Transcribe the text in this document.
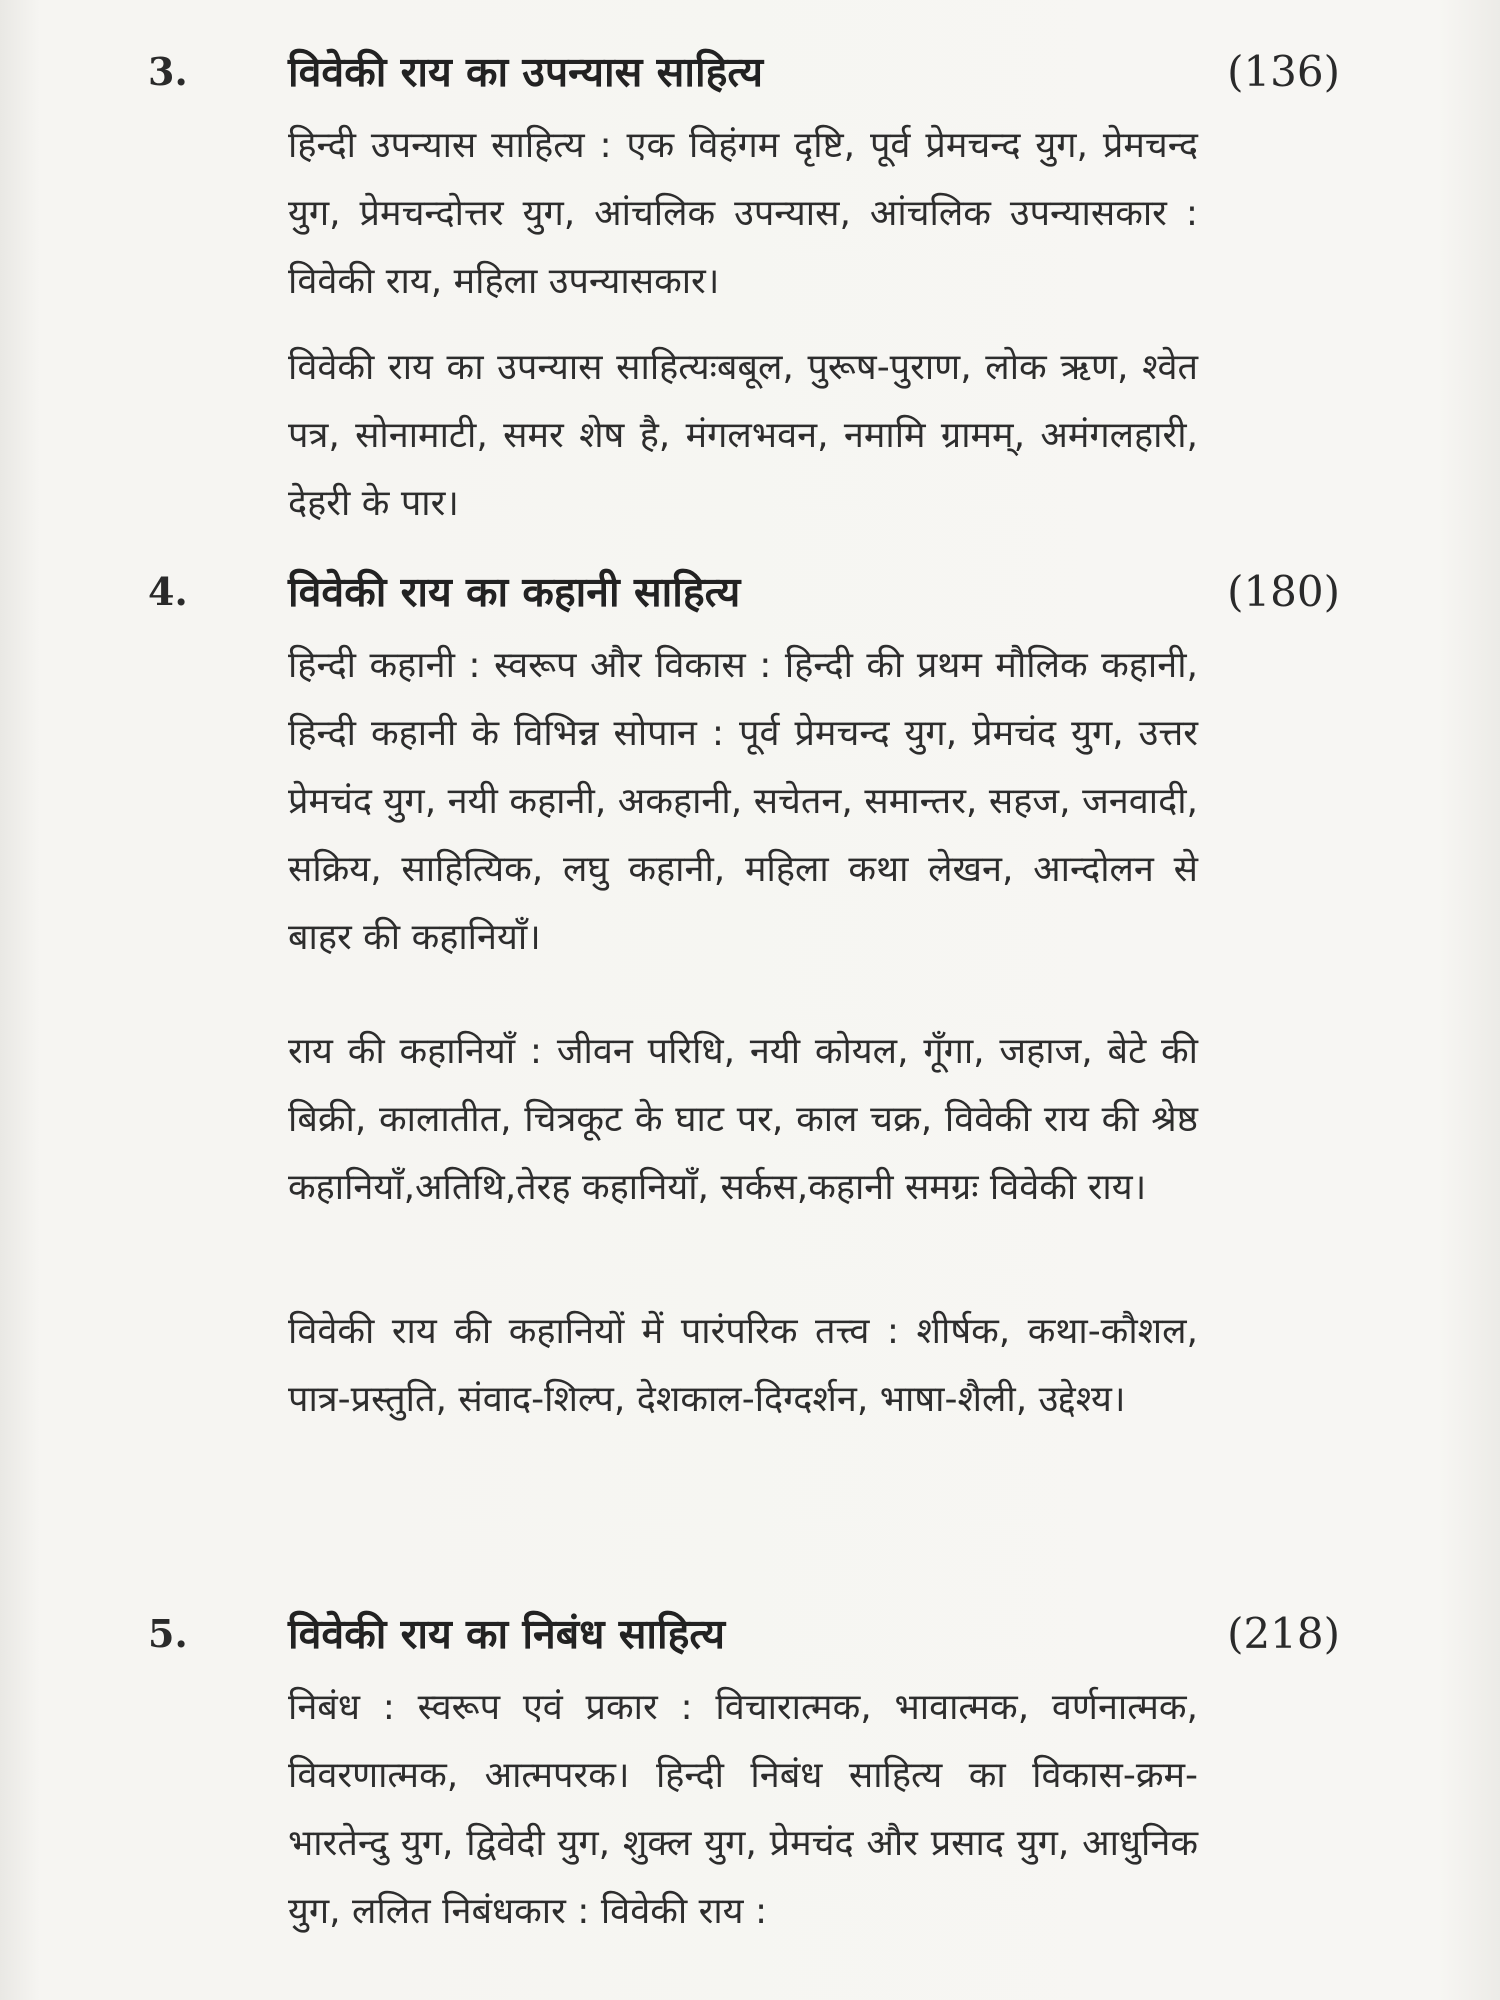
3. विवेकी राय का उपन्यास साहित्य	(136)

हिन्दी उपन्यास साहित्य : एक विहंगम दृष्टि, पूर्व प्रेमचन्द युग, प्रेमचन्द युग, प्रेमचन्दोत्तर युग, आंचलिक उपन्यास, आंचलिक उपन्यासकार : विवेकी राय, महिला उपन्यासकार।

विवेकी राय का उपन्यास साहित्यःबबूल, पुरूष-पुराण, लोक ऋण, श्वेत पत्र, सोनामाटी, समर शेष है, मंगलभवन, नमामि ग्रामम्, अमंगलहारी, देहरी के पार।

4. विवेकी राय का कहानी साहित्य	(180)

हिन्दी कहानी : स्वरूप और विकास : हिन्दी की प्रथम मौलिक कहानी, हिन्दी कहानी के विभिन्न सोपान : पूर्व प्रेमचन्द युग, प्रेमचंद युग, उत्तर प्रेमचंद युग, नयी कहानी, अकहानी, सचेतन, समान्तर, सहज, जनवादी, सक्रिय, साहित्यिक, लघु कहानी, महिला कथा लेखन, आन्दोलन से बाहर की कहानियाँ।

राय की कहानियाँ : जीवन परिधि, नयी कोयल, गूँगा, जहाज, बेटे की बिक्री, कालातीत, चित्रकूट के घाट पर, काल चक्र, विवेकी राय की श्रेष्ठ कहानियाँ,अतिथि,तेरह कहानियाँ, सर्कस,कहानी समग्रः विवेकी राय।

विवेकी राय की कहानियों में पारंपरिक तत्त्व : शीर्षक, कथा-कौशल, पात्र-प्रस्तुति, संवाद-शिल्प, देशकाल-दिग्दर्शन, भाषा-शैली, उद्देश्य।

5. विवेकी राय का निबंध साहित्य	(218)

निबंध : स्वरूप एवं प्रकार : विचारात्मक, भावात्मक, वर्णनात्मक, विवरणात्मक, आत्मपरक। हिन्दी निबंध साहित्य का विकास-क्रम-भारतेन्दु युग, द्विवेदी युग, शुक्ल युग, प्रेमचंद और प्रसाद युग, आधुनिक युग, ललित निबंधकार : विवेकी राय :
